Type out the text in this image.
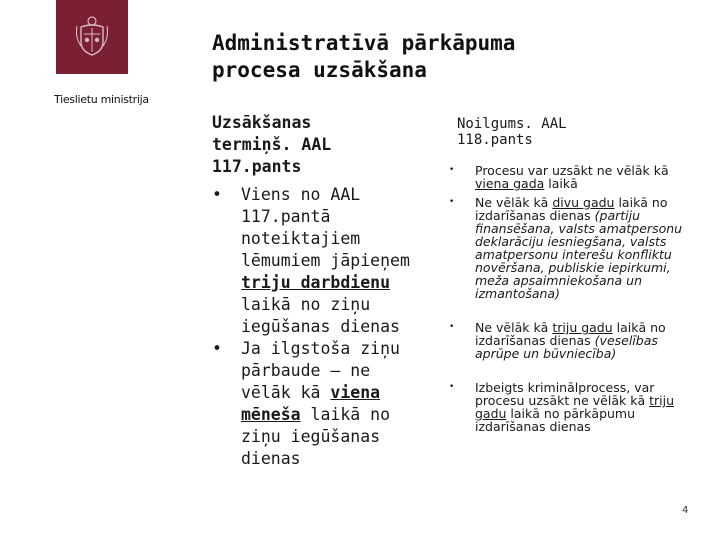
Tieslietu ministrija
Administratīvā pārkāpuma
procesa uzsākšana
Uzsākšanas
termiņš. AAL
117.pants
• Viens no AAL 117.pantā noteiktajiem lēmumiem jāpieņem triju darbdienu laikā no ziņu iegūšanas dienas
• Ja ilgstoša ziņu pārbaude – ne vēlāk kā viena mēneša laikā no ziņu iegūšanas dienas
Noilgums. AAL
118.pants
• Procesu var uzsākt ne vēlāk kā viena gada laikā
• Ne vēlāk kā divu gadu laikā no izdarīšanas dienas (partiju finansēšana, valsts amatpersonu deklarāciju iesniegšana, valsts amatpersonu interešu konfliktu novēršana, publiskie iepirkumi, meža apsaimniekošana un izmantošana)
• Ne vēlāk kā triju gadu laikā no izdarīšanas dienas (veselības aprūpe un būvniecība)
• Izbeigts kriminālprocess, var procesu uzsākt ne vēlāk kā triju gadu laikā no pārkāpumu izdarīšanas dienas
4
